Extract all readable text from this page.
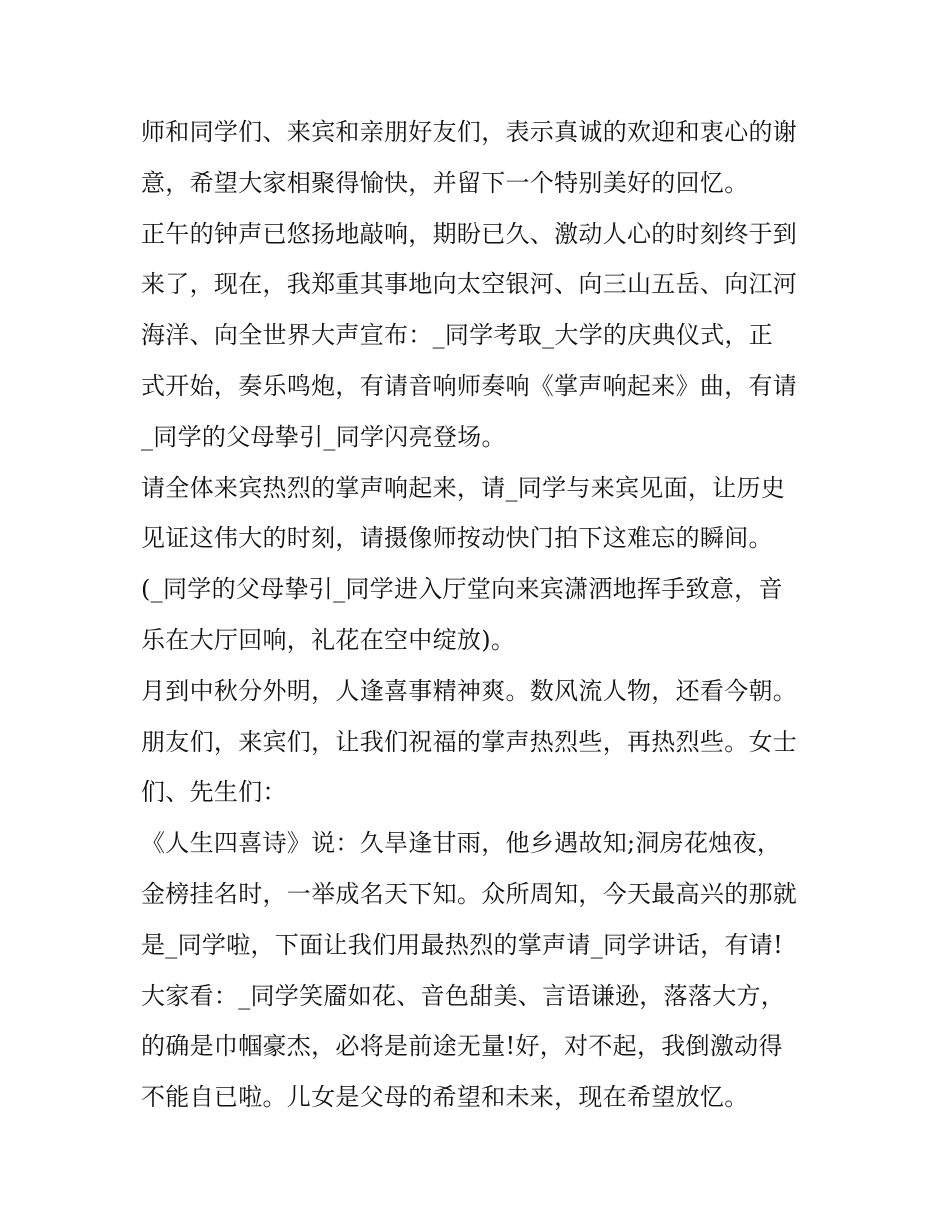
师和同学们、来宾和亲朋好友们，表示真诚的欢迎和衷心的谢
意，希望大家相聚得愉快，并留下一个特别美好的回忆。
正午的钟声已悠扬地敲响，期盼已久、激动人心的时刻终于到
来了，现在，我郑重其事地向太空银河、向三山五岳、向江河
海洋、向全世界大声宣布：_同学考取_大学的庆典仪式，正
式开始，奏乐鸣炮，有请音响师奏响《掌声响起来》曲，有请
_同学的父母挚引_同学闪亮登场。
请全体来宾热烈的掌声响起来，请_同学与来宾见面，让历史
见证这伟大的时刻，请摄像师按动快门拍下这难忘的瞬间。
(_同学的父母挚引_同学进入厅堂向来宾潇洒地挥手致意，音
乐在大厅回响，礼花在空中绽放)。
月到中秋分外明，人逢喜事精神爽。数风流人物，还看今朝。
朋友们，来宾们，让我们祝福的掌声热烈些，再热烈些。女士
们、先生们：
《人生四喜诗》说：久旱逢甘雨，他乡遇故知;洞房花烛夜，
金榜挂名时，一举成名天下知。众所周知，今天最高兴的那就
是_同学啦，下面让我们用最热烈的掌声请_同学讲话，有请!
大家看：_同学笑靥如花、音色甜美、言语谦逊，落落大方，
的确是巾帼豪杰，必将是前途无量!好，对不起，我倒激动得
不能自已啦。儿女是父母的希望和未来，现在希望放忆。
